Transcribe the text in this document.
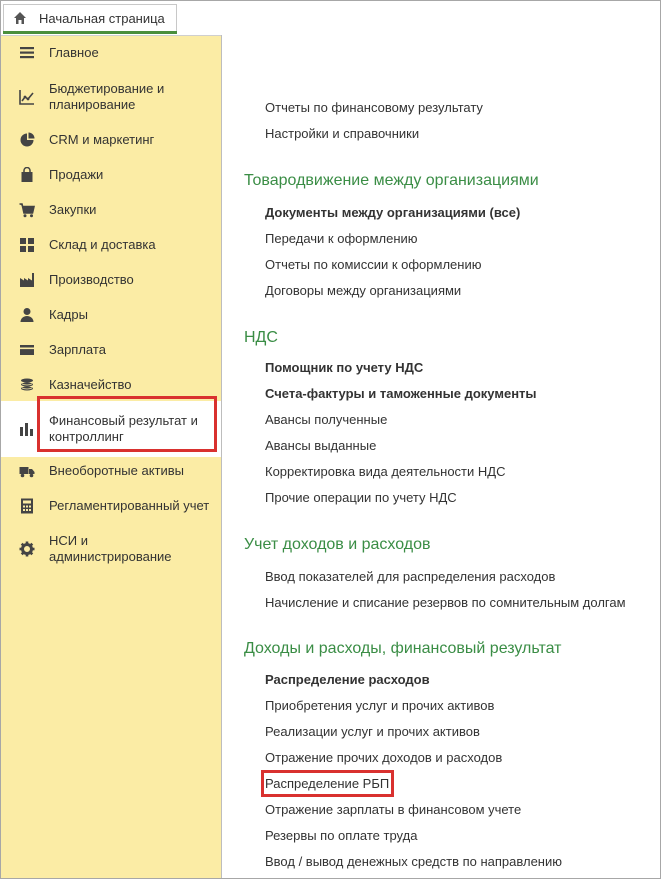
Начальная страница
Главное
Бюджетирование и
планирование
CRM и маркетинг
Продажи
Закупки
Склад и доставка
Производство
Кадры
Зарплата
Казначейство
Финансовый результат и
контроллинг
Внеоборотные активы
Регламентированный учет
НСИ и
администрирование
Отчеты по финансовому результату
Настройки и справочники
Товародвижение между организациями
Документы между организациями (все)
Передачи к оформлению
Отчеты по комиссии к оформлению
Договоры между организациями
НДС
Помощник по учету НДС
Счета-фактуры и таможенные документы
Авансы полученные
Авансы выданные
Корректировка вида деятельности НДС
Прочие операции по учету НДС
Учет доходов и расходов
Ввод показателей для распределения расходов
Начисление и списание резервов по сомнительным долгам
Доходы и расходы, финансовый результат
Распределение расходов
Приобретения услуг и прочих активов
Реализации услуг и прочих активов
Отражение прочих доходов и расходов
Распределение РБП
Отражение зарплаты в финансовом учете
Резервы по оплате труда
Ввод / вывод денежных средств по направлению
